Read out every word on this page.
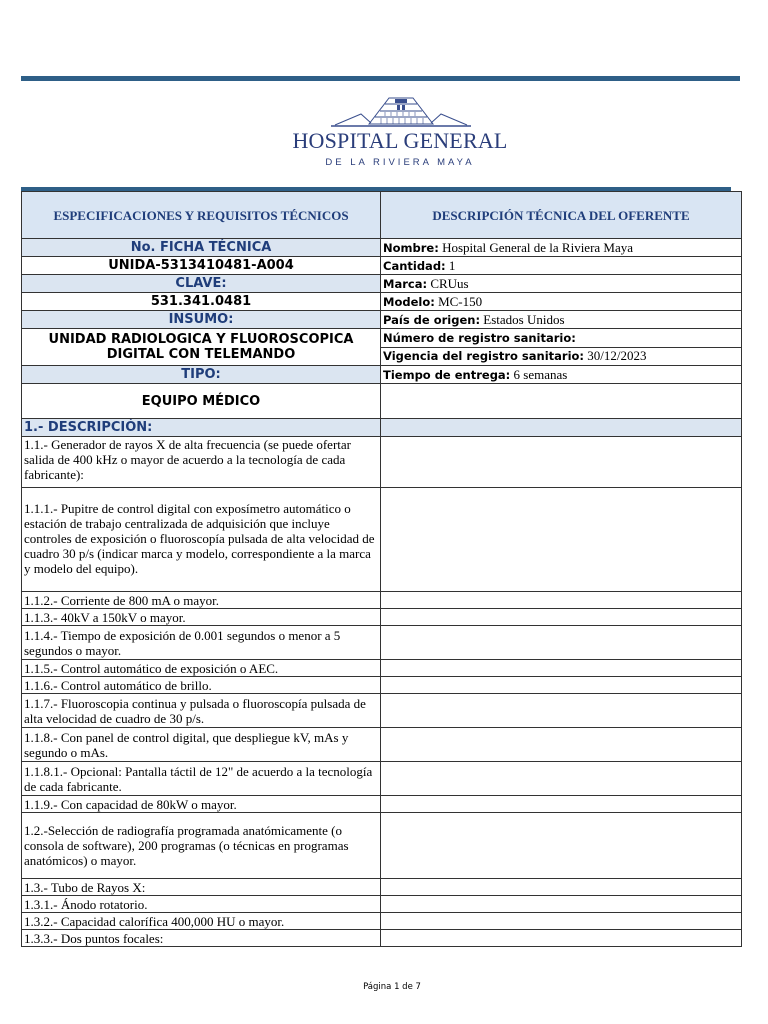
HOSPITAL GENERAL
DE LA RIVIERA MAYA
ESPECIFICACIONES Y REQUISITOS TÉCNICOS	DESCRIPCIÓN TÉCNICA DEL OFERENTE
No. FICHA TÉCNICA	Nombre: Hospital General de la Riviera Maya
UNIDA-5313410481-A004	Cantidad: 1
CLAVE:	Marca: CRUus
531.341.0481	Modelo: MC-150
INSUMO:	País de origen: Estados Unidos
UNIDAD RADIOLOGICA Y FLUOROSCOPICA DIGITAL CON TELEMANDO	Número de registro sanitario:
	Vigencia del registro sanitario: 30/12/2023
TIPO:	Tiempo de entrega: 6 semanas
EQUIPO MÉDICO	
1.- DESCRIPCIÓN:	
1.1.- Generador de rayos X de alta frecuencia (se puede ofertar salida de 400 kHz o mayor de acuerdo a la tecnología de cada fabricante):	
1.1.1.- Pupitre de control digital con exposímetro automático o estación de trabajo centralizada de adquisición que incluye controles de exposición o fluoroscopía pulsada de alta velocidad de cuadro 30 p/s (indicar marca y modelo, correspondiente a la marca y modelo del equipo).	
1.1.2.- Corriente de 800 mA o mayor.	
1.1.3.- 40kV a 150kV o mayor.	
1.1.4.- Tiempo de exposición de 0.001 segundos o menor a 5 segundos o mayor.	
1.1.5.- Control automático de exposición o AEC.	
1.1.6.- Control automático de brillo.	
1.1.7.- Fluoroscopia continua y pulsada o fluoroscopía pulsada de alta velocidad de cuadro de 30 p/s.	
1.1.8.- Con panel de control digital, que despliegue kV, mAs y segundo o mAs.	
1.1.8.1.- Opcional: Pantalla táctil de 12" de acuerdo a la tecnología de cada fabricante.	
1.1.9.- Con capacidad de 80kW o mayor.	
1.2.-Selección de radiografía programada anatómicamente (o consola de software), 200 programas (o técnicas en programas anatómicos) o mayor.	
1.3.- Tubo de Rayos X:	
1.3.1.- Ánodo rotatorio.	
1.3.2.- Capacidad calorífica 400,000 HU o mayor.	
1.3.3.- Dos puntos focales:	
Página 1 de 7
